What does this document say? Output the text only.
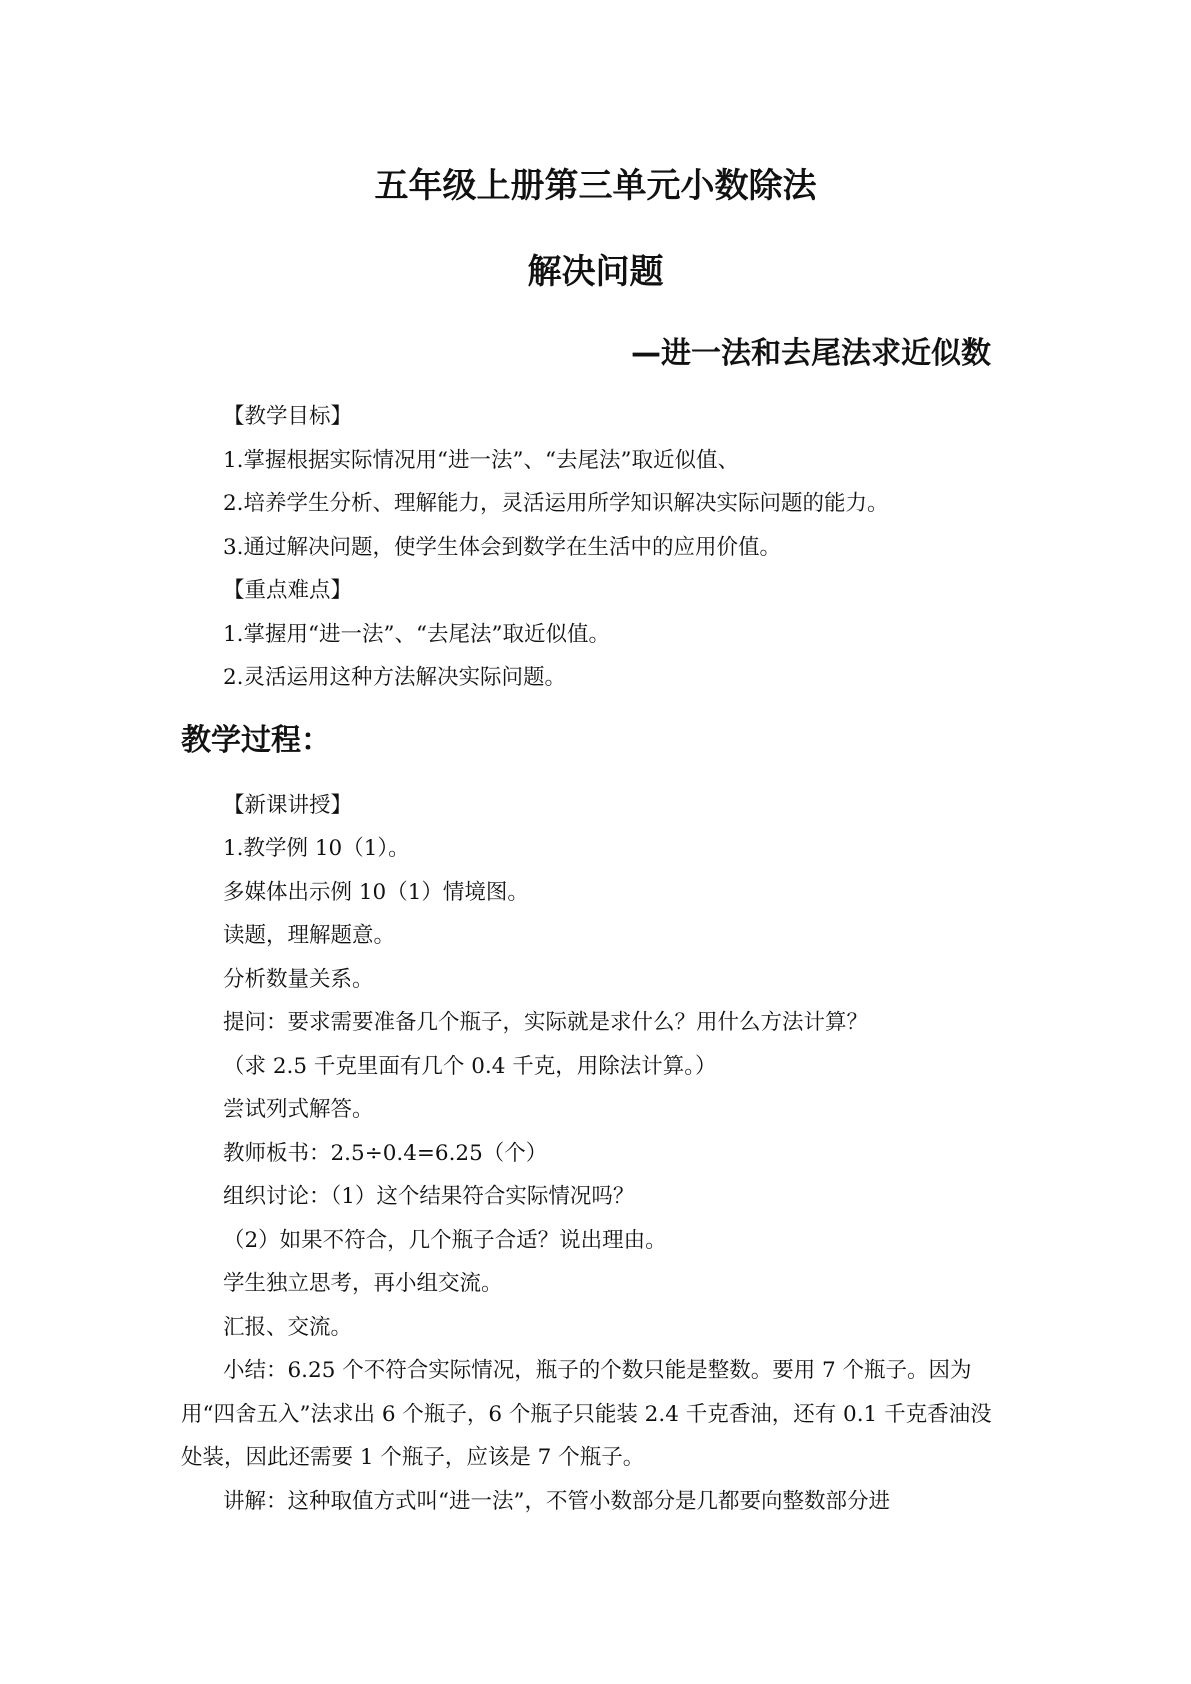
五年级上册第三单元小数除法
解决问题
—进一法和去尾法求近似数
【教学目标】
1.掌握根据实际情况用“进一法”、“去尾法”取近似值、
2.培养学生分析、理解能力，灵活运用所学知识解决实际问题的能力。
3.通过解决问题，使学生体会到数学在生活中的应用价值。
【重点难点】
1.掌握用“进一法”、“去尾法”取近似值。
2.灵活运用这种方法解决实际问题。
教学过程：
【新课讲授】
1.教学例 10（1）。
多媒体出示例 10（1）情境图。
读题，理解题意。
分析数量关系。
提问：要求需要准备几个瓶子，实际就是求什么？用什么方法计算？
（求 2.5 千克里面有几个 0.4 千克，用除法计算。）
尝试列式解答。
教师板书：2.5÷0.4=6.25（个）
组织讨论：（1）这个结果符合实际情况吗？
（2）如果不符合，几个瓶子合适？说出理由。
学生独立思考，再小组交流。
汇报、交流。
小结：6.25 个不符合实际情况，瓶子的个数只能是整数。要用 7 个瓶子。因为用“四舍五入”法求出 6 个瓶子，6 个瓶子只能装 2.4 千克香油，还有 0.1 千克香油没处装，因此还需要 1 个瓶子，应该是 7 个瓶子。
讲解：这种取值方式叫“进一法”，不管小数部分是几都要向整数部分进
